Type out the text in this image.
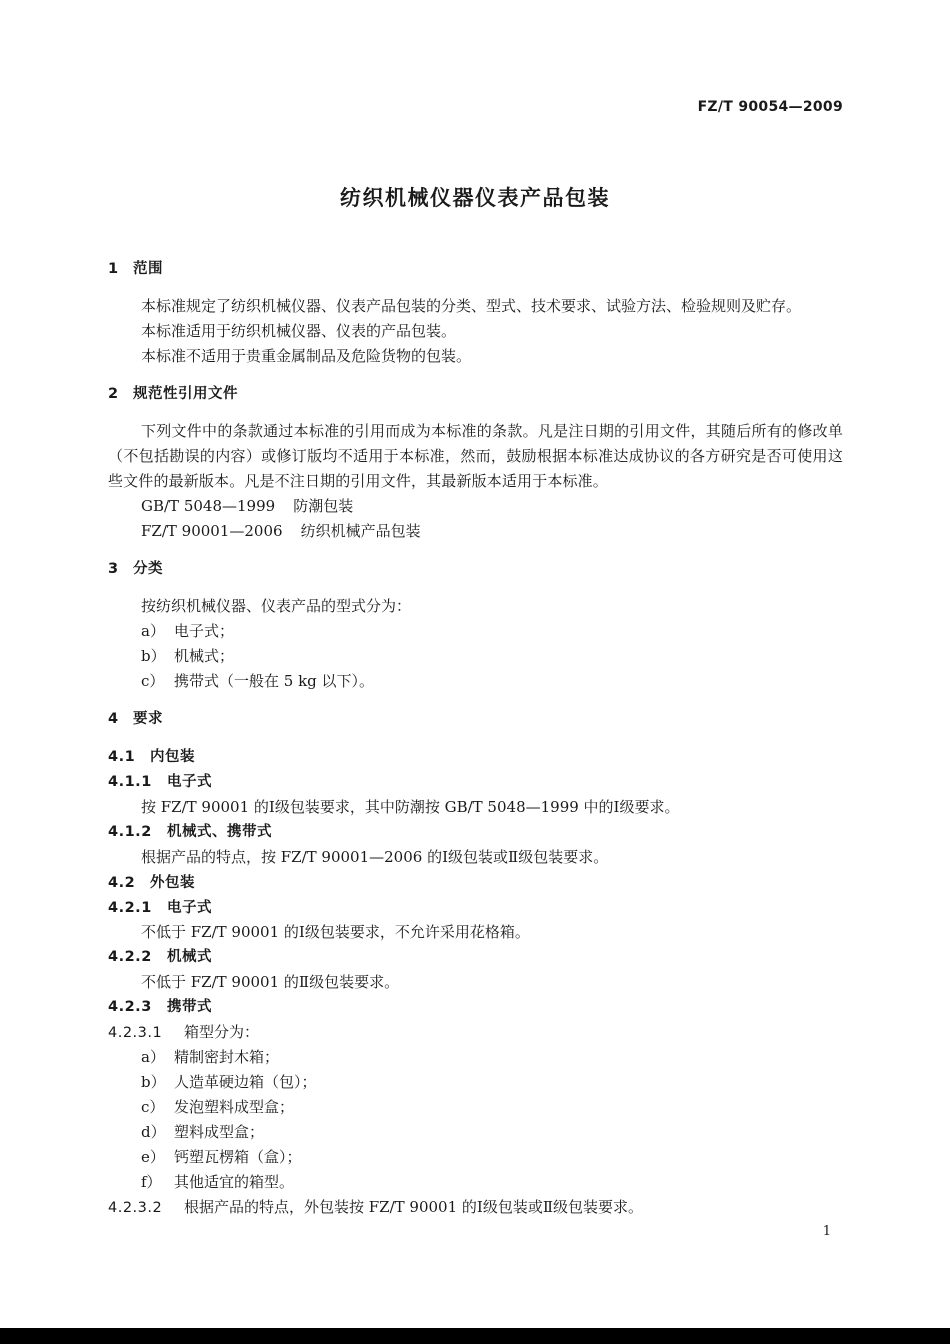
FZ/T 90054—2009
纺织机械仪器仪表产品包装
1 范围
本标准规定了纺织机械仪器、仪表产品包装的分类、型式、技术要求、试验方法、检验规则及贮存。
本标准适用于纺织机械仪器、仪表的产品包装。
本标准不适用于贵重金属制品及危险货物的包装。
2 规范性引用文件
下列文件中的条款通过本标准的引用而成为本标准的条款。凡是注日期的引用文件，其随后所有的修改单（不包括勘误的内容）或修订版均不适用于本标准，然而，鼓励根据本标准达成协议的各方研究是否可使用这些文件的最新版本。凡是不注日期的引用文件，其最新版本适用于本标准。
GB/T 5048—1999 防潮包装
FZ/T 90001—2006 纺织机械产品包装
3 分类
按纺织机械仪器、仪表产品的型式分为：
a） 电子式；
b） 机械式；
c） 携带式（一般在 5 kg 以下）。
4 要求
4.1 内包装
4.1.1 电子式
按 FZ/T 90001 的Ⅰ级包装要求，其中防潮按 GB/T 5048—1999 中的Ⅰ级要求。
4.1.2 机械式、携带式
根据产品的特点，按 FZ/T 90001—2006 的Ⅰ级包装或Ⅱ级包装要求。
4.2 外包装
4.2.1 电子式
不低于 FZ/T 90001 的Ⅰ级包装要求，不允许采用花格箱。
4.2.2 机械式
不低于 FZ/T 90001 的Ⅱ级包装要求。
4.2.3 携带式
4.2.3.1 箱型分为：
a） 精制密封木箱；
b） 人造革硬边箱（包）；
c） 发泡塑料成型盒；
d） 塑料成型盒；
e） 钙塑瓦楞箱（盒）；
f） 其他适宜的箱型。
4.2.3.2 根据产品的特点，外包装按 FZ/T 90001 的Ⅰ级包装或Ⅱ级包装要求。
1
